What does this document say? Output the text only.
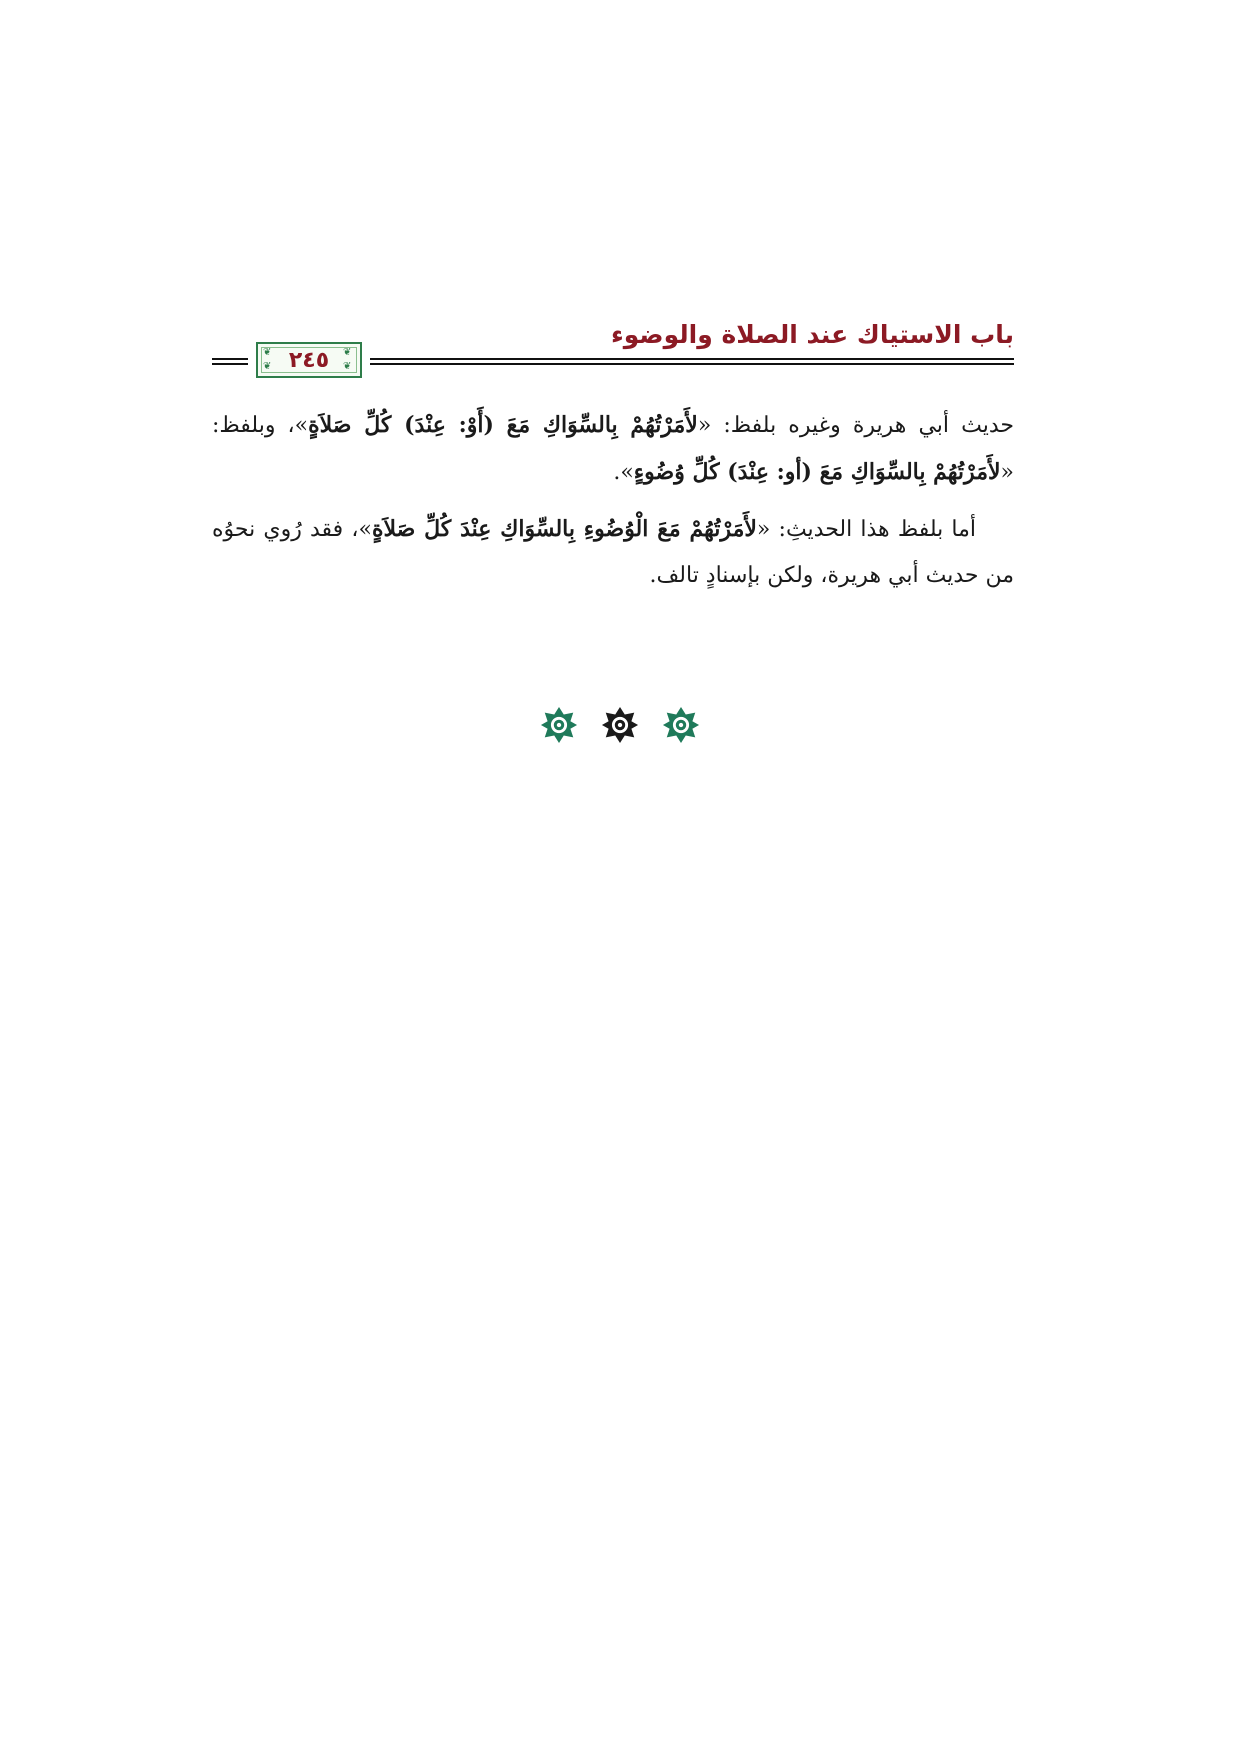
باب الاستياك عند الصلاة والوضوء
❦	❦
❦	❦
٢٤٥

حديث أبي هريرة وغيره بلفظ: «لأَمَرْتُهُمْ بِالسِّوَاكِ مَعَ (أَوْ: عِنْدَ) كُلِّ صَلاَةٍ»، وبلفظ: «لأَمَرْتُهُمْ بِالسِّوَاكِ مَعَ (أو: عِنْدَ) كُلِّ وُضُوءٍ».

أما بلفظ هذا الحديثِ: «لأَمَرْتُهُمْ مَعَ الْوُضُوءِ بِالسِّوَاكِ عِنْدَ كُلِّ صَلاَةٍ»، فقد رُوي نحوُه من حديث أبي هريرة، ولكن بإسنادٍ تالف.
